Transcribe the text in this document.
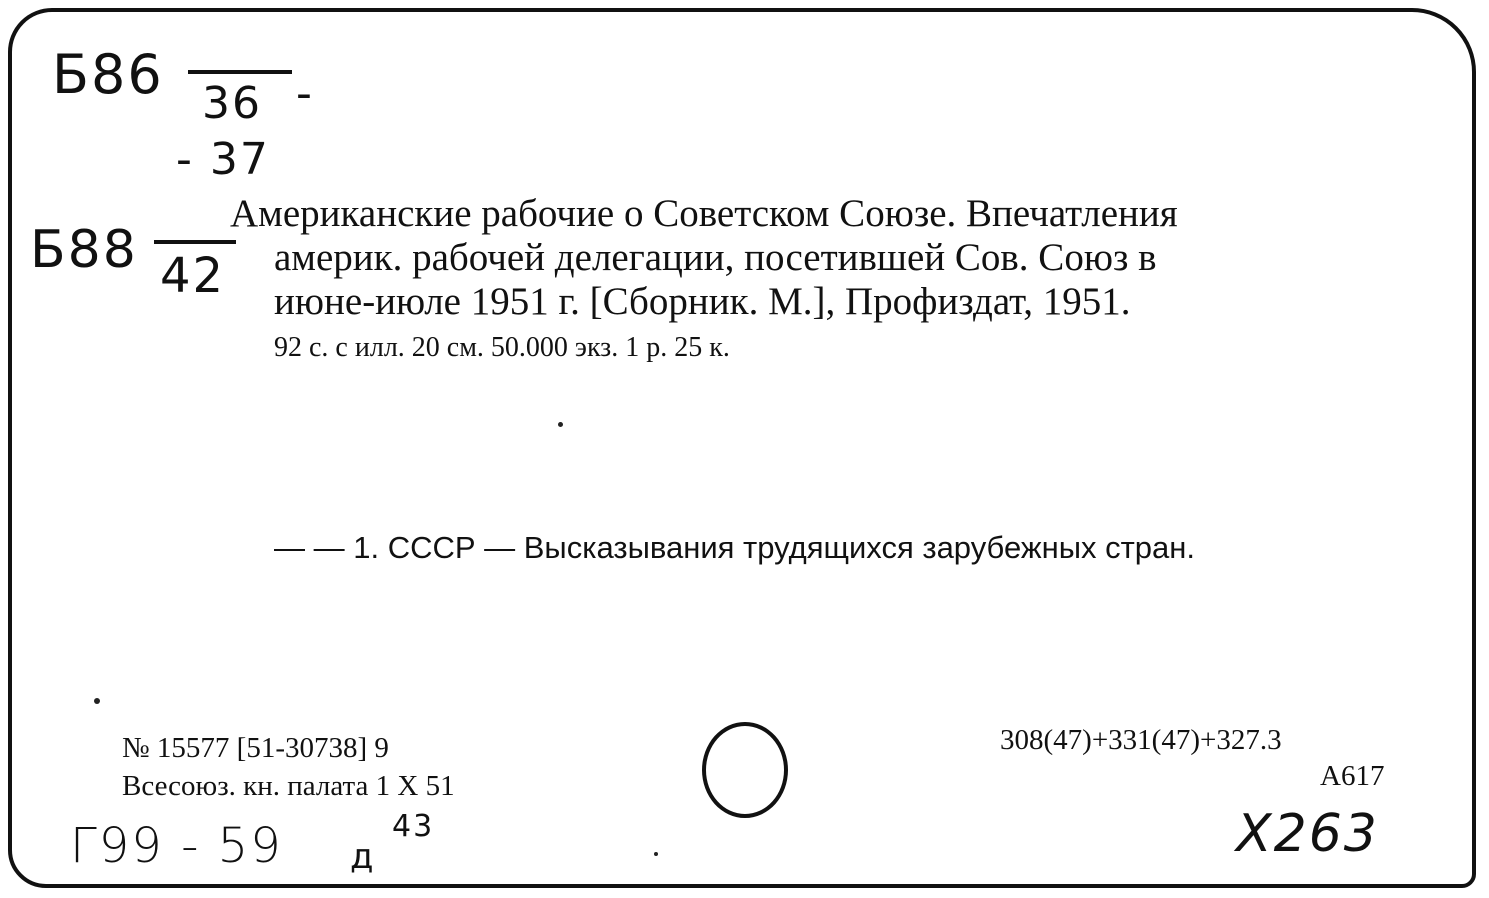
Б86 36 -
- 37
Б88 42
Американские рабочие о Советском Союзе. Впечатления
америк. рабочей делегации, посетившей Сов. Союз в
июне-июле 1951 г. [Сборник. М.], Профиздат, 1951.
92 с. с илл. 20 см. 50.000 экз. 1 р. 25 к.
— — 1. СССР — Высказывания трудящихся зарубежных стран.
№ 15577 [51-30738] 9
Всесоюз. кн. палата 1 Х 51
308(47)+331(47)+327.3
А617
Г99 - 59 д
43	Х263
